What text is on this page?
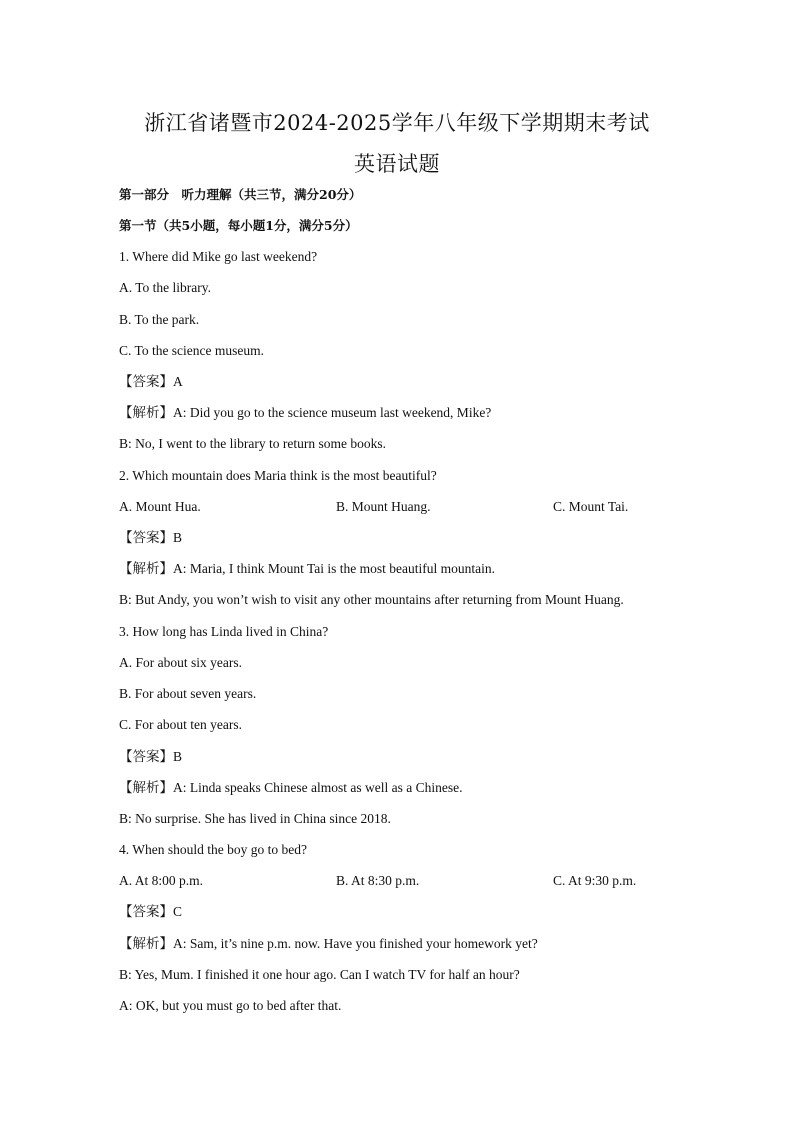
浙江省诸暨市2024-2025学年八年级下学期期末考试
英语试题
第一部分　听力理解（共三节，满分20分）
第一节（共5小题，每小题1分，满分5分）
1. Where did Mike go last weekend?
A. To the library.
B. To the park.
C. To the science museum.
【答案】A
【解析】A: Did you go to the science museum last weekend, Mike?
B: No, I went to the library to return some books.
2. Which mountain does Maria think is the most beautiful?
A. Mount Hua.	B. Mount Huang.	C. Mount Tai.
【答案】B
【解析】A: Maria, I think Mount Tai is the most beautiful mountain.
B: But Andy, you won’t wish to visit any other mountains after returning from Mount Huang.
3. How long has Linda lived in China?
A. For about six years.
B. For about seven years.
C. For about ten years.
【答案】B
【解析】A: Linda speaks Chinese almost as well as a Chinese.
B: No surprise. She has lived in China since 2018.
4. When should the boy go to bed?
A. At 8:00 p.m.	B. At 8:30 p.m.	C. At 9:30 p.m.
【答案】C
【解析】A: Sam, it’s nine p.m. now. Have you finished your homework yet?
B: Yes, Mum. I finished it one hour ago. Can I watch TV for half an hour?
A: OK, but you must go to bed after that.
